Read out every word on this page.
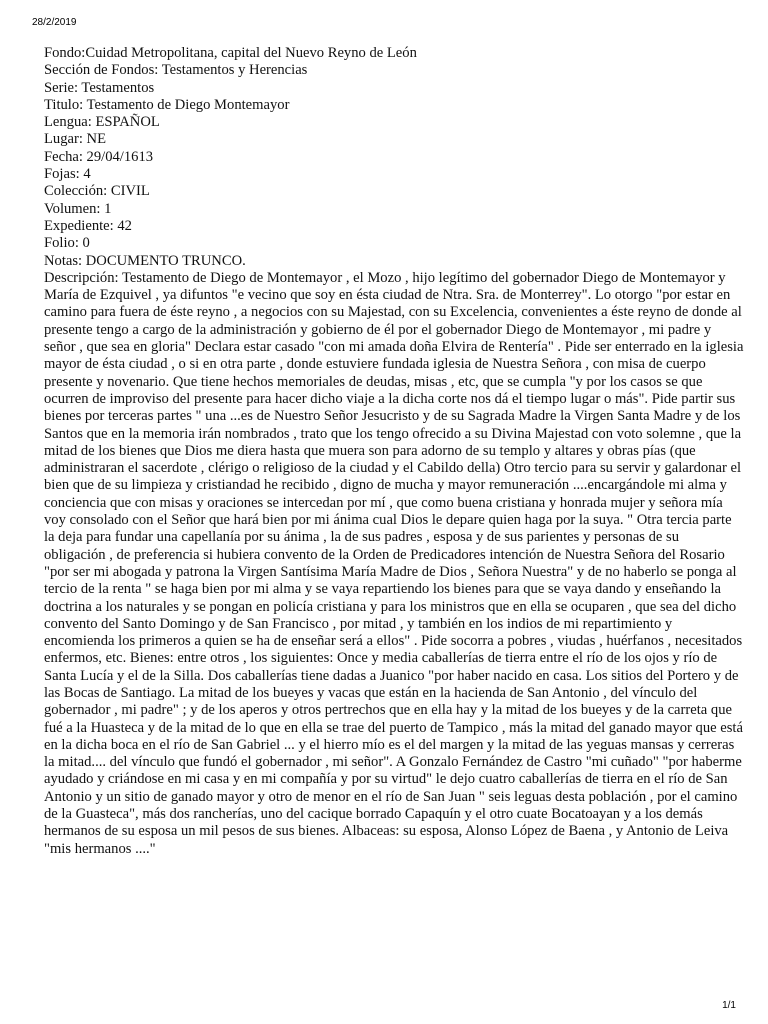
28/2/2019
Fondo:Cuidad Metropolitana, capital del Nuevo Reyno de León
Sección de Fondos: Testamentos y Herencias
Serie: Testamentos
Titulo: Testamento de Diego Montemayor
Lengua: ESPAÑOL
Lugar: NE
Fecha: 29/04/1613
Fojas: 4
Colección: CIVIL
Volumen: 1
Expediente: 42
Folio: 0
Notas: DOCUMENTO TRUNCO.
Descripción: Testamento de Diego de Montemayor , el Mozo , hijo legítimo del gobernador Diego de Montemayor y María de Ezquivel , ya difuntos "e vecino que soy en ésta ciudad de Ntra. Sra. de Monterrey". Lo otorgo "por estar en camino para fuera de éste reyno , a negocios con su Majestad, con su Excelencia, convenientes a éste reyno de donde al presente tengo a cargo de la administración y gobierno de él por el gobernador Diego de Montemayor , mi padre y señor , que sea en gloria" Declara estar casado "con mi amada doña Elvira de Rentería" . Pide ser enterrado en la iglesia mayor de ésta ciudad , o si en otra parte , donde estuviere fundada iglesia de Nuestra Señora , con misa de cuerpo presente y novenario. Que tiene hechos memoriales de deudas, misas , etc, que se cumpla "y por los casos se que ocurren de improviso del presente para hacer dicho viaje a la dicha corte nos dá el tiempo lugar o más". Pide partir sus bienes por terceras partes " una ...es de Nuestro Señor Jesucristo y de su Sagrada Madre la Virgen Santa Madre y de los Santos que en la memoria irán nombrados , trato que los tengo ofrecido a su Divina Majestad con voto solemne , que la mitad de los bienes que Dios me diera hasta que muera son para adorno de su templo y altares y obras pías (que administraran el sacerdote , clérigo o religioso de la ciudad y el Cabildo della) Otro tercio para su servir y galardonar el bien que de su limpieza y cristiandad he recibido , digno de mucha y mayor remuneración ....encargándole mi alma y conciencia que con misas y oraciones se intercedan por mí , que como buena cristiana y honrada mujer y señora mía voy consolado con el Señor que hará bien por mi ánima cual Dios le depare quien haga por la suya. " Otra tercia parte la deja para fundar una capellanía por su ánima , la de sus padres , esposa y de sus parientes y personas de su obligación , de preferencia si hubiera convento de la Orden de Predicadores intención de Nuestra Señora del Rosario "por ser mi abogada y patrona la Virgen Santísima María Madre de Dios , Señora Nuestra" y de no haberlo se ponga al tercio de la renta " se haga bien por mi alma y se vaya repartiendo los bienes para que se vaya dando y enseñando la doctrina a los naturales y se pongan en policía cristiana y para los ministros que en ella se ocuparen , que sea del dicho convento del Santo Domingo y de San Francisco , por mitad , y también en los indios de mi repartimiento y encomienda los primeros a quien se ha de enseñar será a ellos" . Pide socorra a pobres , viudas , huérfanos , necesitados enfermos, etc. Bienes: entre otros , los siguientes: Once y media caballerías de tierra entre el río de los ojos y río de Santa Lucía y el de la Silla. Dos caballerías tiene dadas a Juanico "por haber nacido en casa. Los sitios del Portero y de las Bocas de Santiago. La mitad de los bueyes y vacas que están en la hacienda de San Antonio , del vínculo del gobernador , mi padre" ; y de los aperos y otros pertrechos que en ella hay y la mitad de los bueyes y de la carreta que fué a la Huasteca y de la mitad de lo que en ella se trae del puerto de Tampico , más la mitad del ganado mayor que está en la dicha boca en el río de San Gabriel ... y el hierro mío es el del margen y la mitad de las yeguas mansas y cerreras la mitad.... del vínculo que fundó el gobernador , mi señor". A Gonzalo Fernández de Castro "mi cuñado" "por haberme ayudado y criándose en mi casa y en mi compañía y por su virtud" le dejo cuatro caballerías de tierra en el río de San Antonio y un sitio de ganado mayor y otro de menor en el río de San Juan " seis leguas desta población , por el camino de la Guasteca", más dos rancherías, uno del cacique borrado Capaquín y el otro cuate Bocatoayan y a los demás hermanos de su esposa un mil pesos de sus bienes. Albaceas: su esposa, Alonso López de Baena , y Antonio de Leiva "mis hermanos ...."
1/1
